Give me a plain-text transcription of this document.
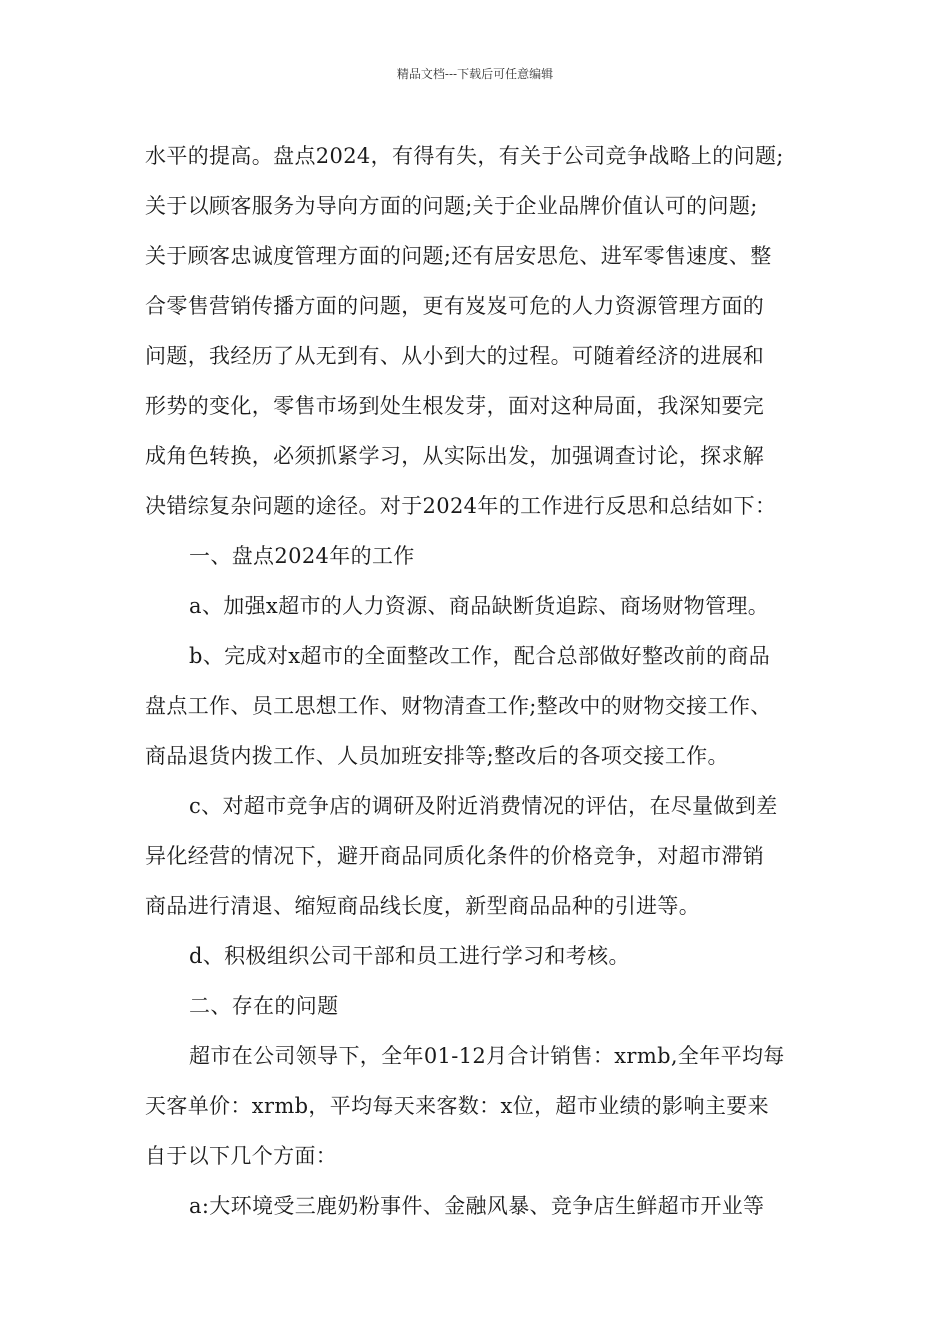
精品文档---下载后可任意编辑

水平的提高。盘点2024，有得有失，有关于公司竞争战略上的问题;

关于以顾客服务为导向方面的问题;关于企业品牌价值认可的问题;

关于顾客忠诚度管理方面的问题;还有居安思危、进军零售速度、整

合零售营销传播方面的问题，更有岌岌可危的人力资源管理方面的

问题，我经历了从无到有、从小到大的过程。可随着经济的进展和

形势的变化，零售市场到处生根发芽，面对这种局面，我深知要完

成角色转换，必须抓紧学习，从实际出发，加强调查讨论，探求解

决错综复杂问题的途径。对于2024年的工作进行反思和总结如下：

一、盘点2024年的工作

a、加强x超市的人力资源、商品缺断货追踪、商场财物管理。

b、完成对x超市的全面整改工作，配合总部做好整改前的商品

盘点工作、员工思想工作、财物清查工作;整改中的财物交接工作、

商品退货内拨工作、人员加班安排等;整改后的各项交接工作。

c、对超市竞争店的调研及附近消费情况的评估，在尽量做到差

异化经营的情况下，避开商品同质化条件的价格竞争，对超市滞销

商品进行清退、缩短商品线长度，新型商品品种的引进等。

d、积极组织公司干部和员工进行学习和考核。

二、存在的问题

超市在公司领导下，全年01-12月合计销售：xrmb,全年平均每

天客单价：xrmb，平均每天来客数：x位，超市业绩的影响主要来

自于以下几个方面：

a:大环境受三鹿奶粉事件、金融风暴、竞争店生鲜超市开业等
